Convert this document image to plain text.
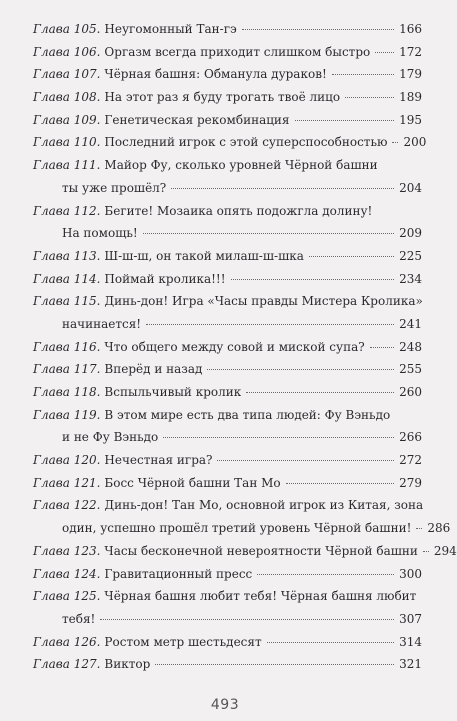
Глава 105. Неугомонный Тан-гэ	166
Глава 106. Оргазм всегда приходит слишком быстро 172
Глава 107. Чёрная башня: Обманула дураков!	179
Глава 108. На этот раз я буду трогать твоё лицо	189
Глава 109. Генетическая рекомбинация	195
Глава 110. Последний игрок с этой суперспособностью 200
Глава 111. Майор Фу, сколько уровней Чёрной башни
ты уже прошёл?	204
Глава 112. Бегите! Мозаика опять подожгла долину!
На помощь!	209
Глава 113. Ш-ш-ш, он такой милаш-ш-шка	225
Глава 114. Поймай кролика!!!	234
Глава 115. Динь-дон! Игра «Часы правды Мистера Кролика»
начинается!	241
Глава 116. Что общего между совой и миской супа?	248
Глава 117. Вперёд и назад	255
Глава 118. Вспыльчивый кролик	260
Глава 119. В этом мире есть два типа людей: Фу Вэньдо
и не Фу Вэньдо	266
Глава 120. Нечестная игра?	272
Глава 121. Босс Чёрной башни Тан Мо	279
Глава 122. Динь-дон! Тан Мо, основной игрок из Китая, зона
один, успешно прошёл третий уровень Чёрной башни! 286
Глава 123. Часы бесконечной невероятности Чёрной башни 294
Глава 124. Гравитационный пресс	300
Глава 125. Чёрная башня любит тебя! Чёрная башня любит
тебя!	307
Глава 126. Ростом метр шестьдесят	314
Глава 127. Виктор	321
493
